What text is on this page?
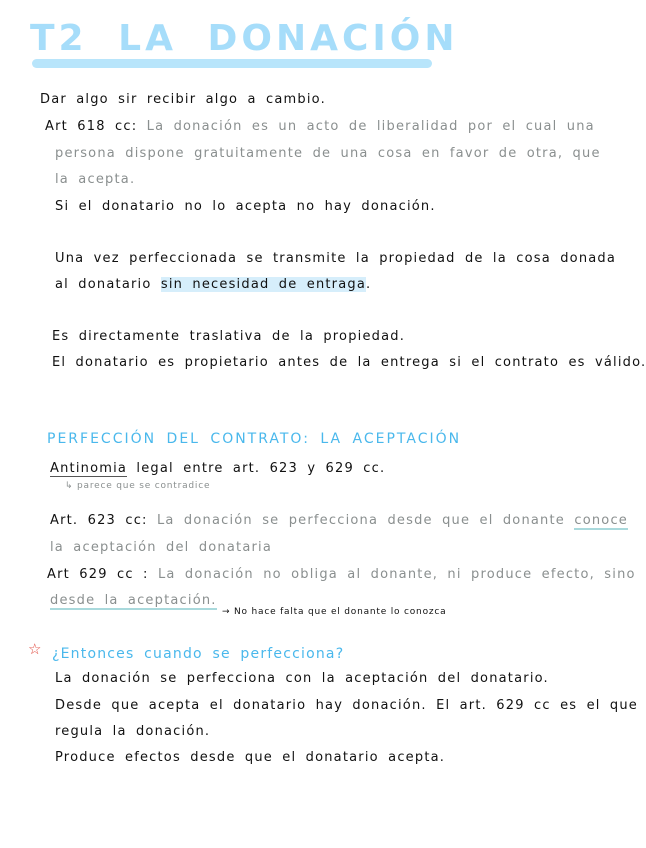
T2 LA DONACIÓN
Dar algo sir recibir algo a cambio.
Art 618 cc: La donación es un acto de liberalidad por el cual una
persona dispone gratuitamente de una cosa en favor de otra, que
la acepta.
Si el donatario no lo acepta no hay donación.
Una vez perfeccionada se transmite la propiedad de la cosa donada
al donatario sin necesidad de entraga.
Es directamente traslativa de la propiedad.
El donatario es propietario antes de la entrega si el contrato es válido.
PERFECCIÓN DEL CONTRATO: LA ACEPTACIÓN
Antinomia legal entre art. 623 y 629 cc.
↳ parece que se contradice
Art. 623 cc: La donación se perfecciona desde que el donante conoce
la aceptación del donataria
Art 629 cc : La donación no obliga al donante, ni produce efecto, sino
desde la aceptación.
→ No hace falta que el donante lo conozca
☆ ¿Entonces cuando se perfecciona?
La donación se perfecciona con la aceptación del donatario.
Desde que acepta el donatario hay donación. El art. 629 cc es el que
regula la donación.
Produce efectos desde que el donatario acepta.
